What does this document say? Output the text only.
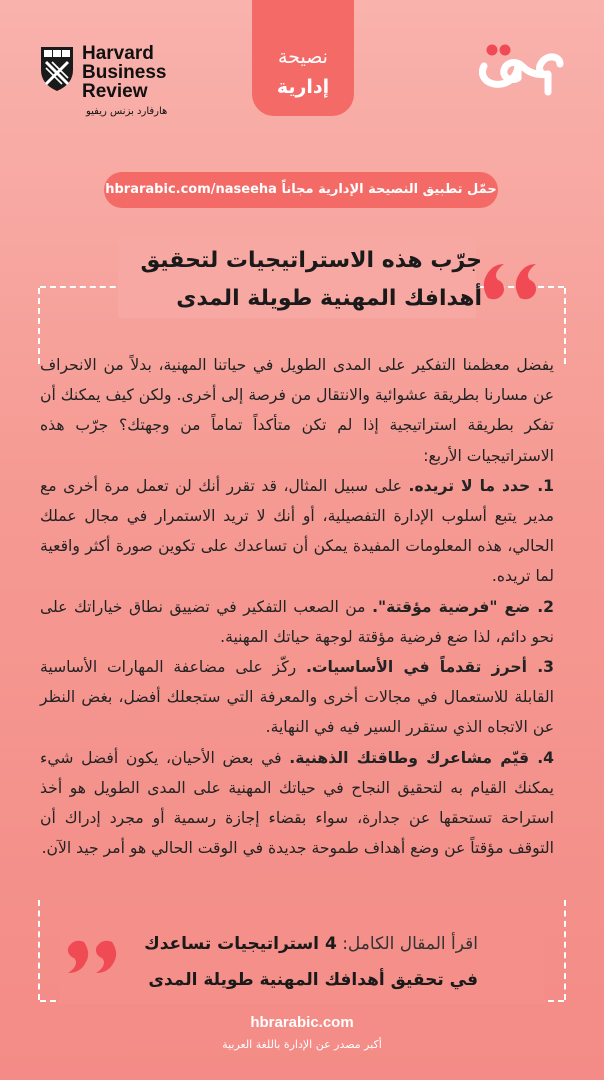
Harvard
Business
Review
هارفارد بزنس ريفيو
نصيحة
إدارية
حمّل تطبيق النصيحة الإدارية مجاناً hbrarabic.com/naseeha
جرّب هذه الاستراتيجيات لتحقيق
أهدافك المهنية طويلة المدى

يفضل معظمنا التفكير على المدى الطويل في حياتنا المهنية، بدلاً من الانحراف عن مسارنا بطريقة عشوائية والانتقال من فرصة إلى أخرى. ولكن كيف يمكنك أن تفكر بطريقة استراتيجية إذا لم تكن متأكداً تماماً من وجهتك؟ جرّب هذه الاستراتيجيات الأربع:

1. حدد ما لا تريده. على سبيل المثال، قد تقرر أنك لن تعمل مرة أخرى مع مدير يتبع أسلوب الإدارة التفصيلية، أو أنك لا تريد الاستمرار في مجال عملك الحالي، هذه المعلومات المفيدة يمكن أن تساعدك على تكوين صورة أكثر واقعية لما تريده.

2. ضع "فرضية مؤقتة". من الصعب التفكير في تضييق نطاق خياراتك على نحو دائم، لذا ضع فرضية مؤقتة لوجهة حياتك المهنية.

3. أحرز تقدماً في الأساسيات. ركّز على مضاعفة المهارات الأساسية القابلة للاستعمال في مجالات أخرى والمعرفة التي ستجعلك أفضل، بغض النظر عن الاتجاه الذي ستقرر السير فيه في النهاية.

4. قيّم مشاعرك وطاقتك الذهنية. في بعض الأحيان، يكون أفضل شيء يمكنك القيام به لتحقيق النجاح في حياتك المهنية على المدى الطويل هو أخذ استراحة تستحقها عن جدارة، سواء بقضاء إجازة رسمية أو مجرد إدراك أن التوقف مؤقتاً عن وضع أهداف طموحة جديدة في الوقت الحالي هو أمر جيد الآن.

اقرأ المقال الكامل: 4 استراتيجيات تساعدك
في تحقيق أهدافك المهنية طويلة المدى
hbrarabic.com
أكبر مصدر عن الإدارة باللغة العربية
